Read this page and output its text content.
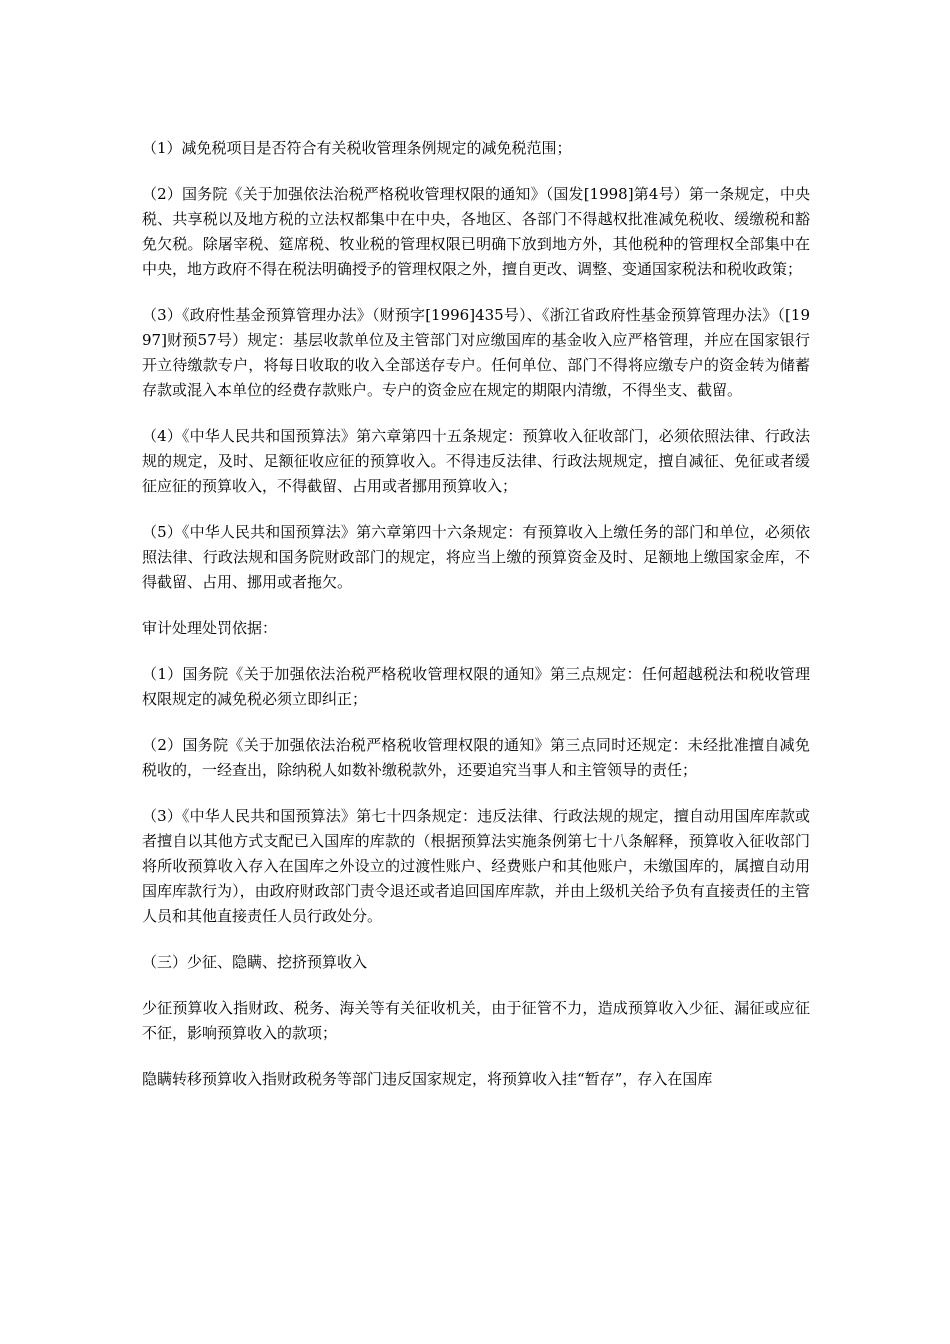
（1）减免税项目是否符合有关税收管理条例规定的减免税范围；

（2）国务院《关于加强依法治税严格税收管理权限的通知》（国发[1998]第4号）第一条规定，中央税、共享税以及地方税的立法权都集中在中央，各地区、各部门不得越权批准减免税收、缓缴税和豁免欠税。除屠宰税、筵席税、牧业税的管理权限已明确下放到地方外，其他税种的管理权全部集中在中央，地方政府不得在税法明确授予的管理权限之外，擅自更改、调整、变通国家税法和税收政策；

（3）《政府性基金预算管理办法》（财预字[1996]435号）、《浙江省政府性基金预算管理办法》（[1997]财预57号）规定：基层收款单位及主管部门对应缴国库的基金收入应严格管理，并应在国家银行开立待缴款专户，将每日收取的收入全部送存专户。任何单位、部门不得将应缴专户的资金转为储蓄存款或混入本单位的经费存款账户。专户的资金应在规定的期限内清缴，不得坐支、截留。

（4）《中华人民共和国预算法》第六章第四十五条规定：预算收入征收部门，必须依照法律、行政法规的规定，及时、足额征收应征的预算收入。不得违反法律、行政法规规定，擅自减征、免征或者缓征应征的预算收入，不得截留、占用或者挪用预算收入；

（5）《中华人民共和国预算法》第六章第四十六条规定：有预算收入上缴任务的部门和单位，必须依照法律、行政法规和国务院财政部门的规定，将应当上缴的预算资金及时、足额地上缴国家金库，不得截留、占用、挪用或者拖欠。

审计处理处罚依据：

（1）国务院《关于加强依法治税严格税收管理权限的通知》第三点规定：任何超越税法和税收管理权限规定的减免税必须立即纠正；

（2）国务院《关于加强依法治税严格税收管理权限的通知》第三点同时还规定：未经批准擅自减免税收的，一经查出，除纳税人如数补缴税款外，还要追究当事人和主管领导的责任；

（3）《中华人民共和国预算法》第七十四条规定：违反法律、行政法规的规定，擅自动用国库库款或者擅自以其他方式支配已入国库的库款的（根据预算法实施条例第七十八条解释，预算收入征收部门将所收预算收入存入在国库之外设立的过渡性账户、经费账户和其他账户，未缴国库的，属擅自动用国库库款行为），由政府财政部门责令退还或者追回国库库款，并由上级机关给予负有直接责任的主管人员和其他直接责任人员行政处分。

（三）少征、隐瞒、挖挤预算收入

少征预算收入指财政、税务、海关等有关征收机关，由于征管不力，造成预算收入少征、漏征或应征不征，影响预算收入的款项；

隐瞒转移预算收入指财政税务等部门违反国家规定，将预算收入挂“暂存”，存入在国库
